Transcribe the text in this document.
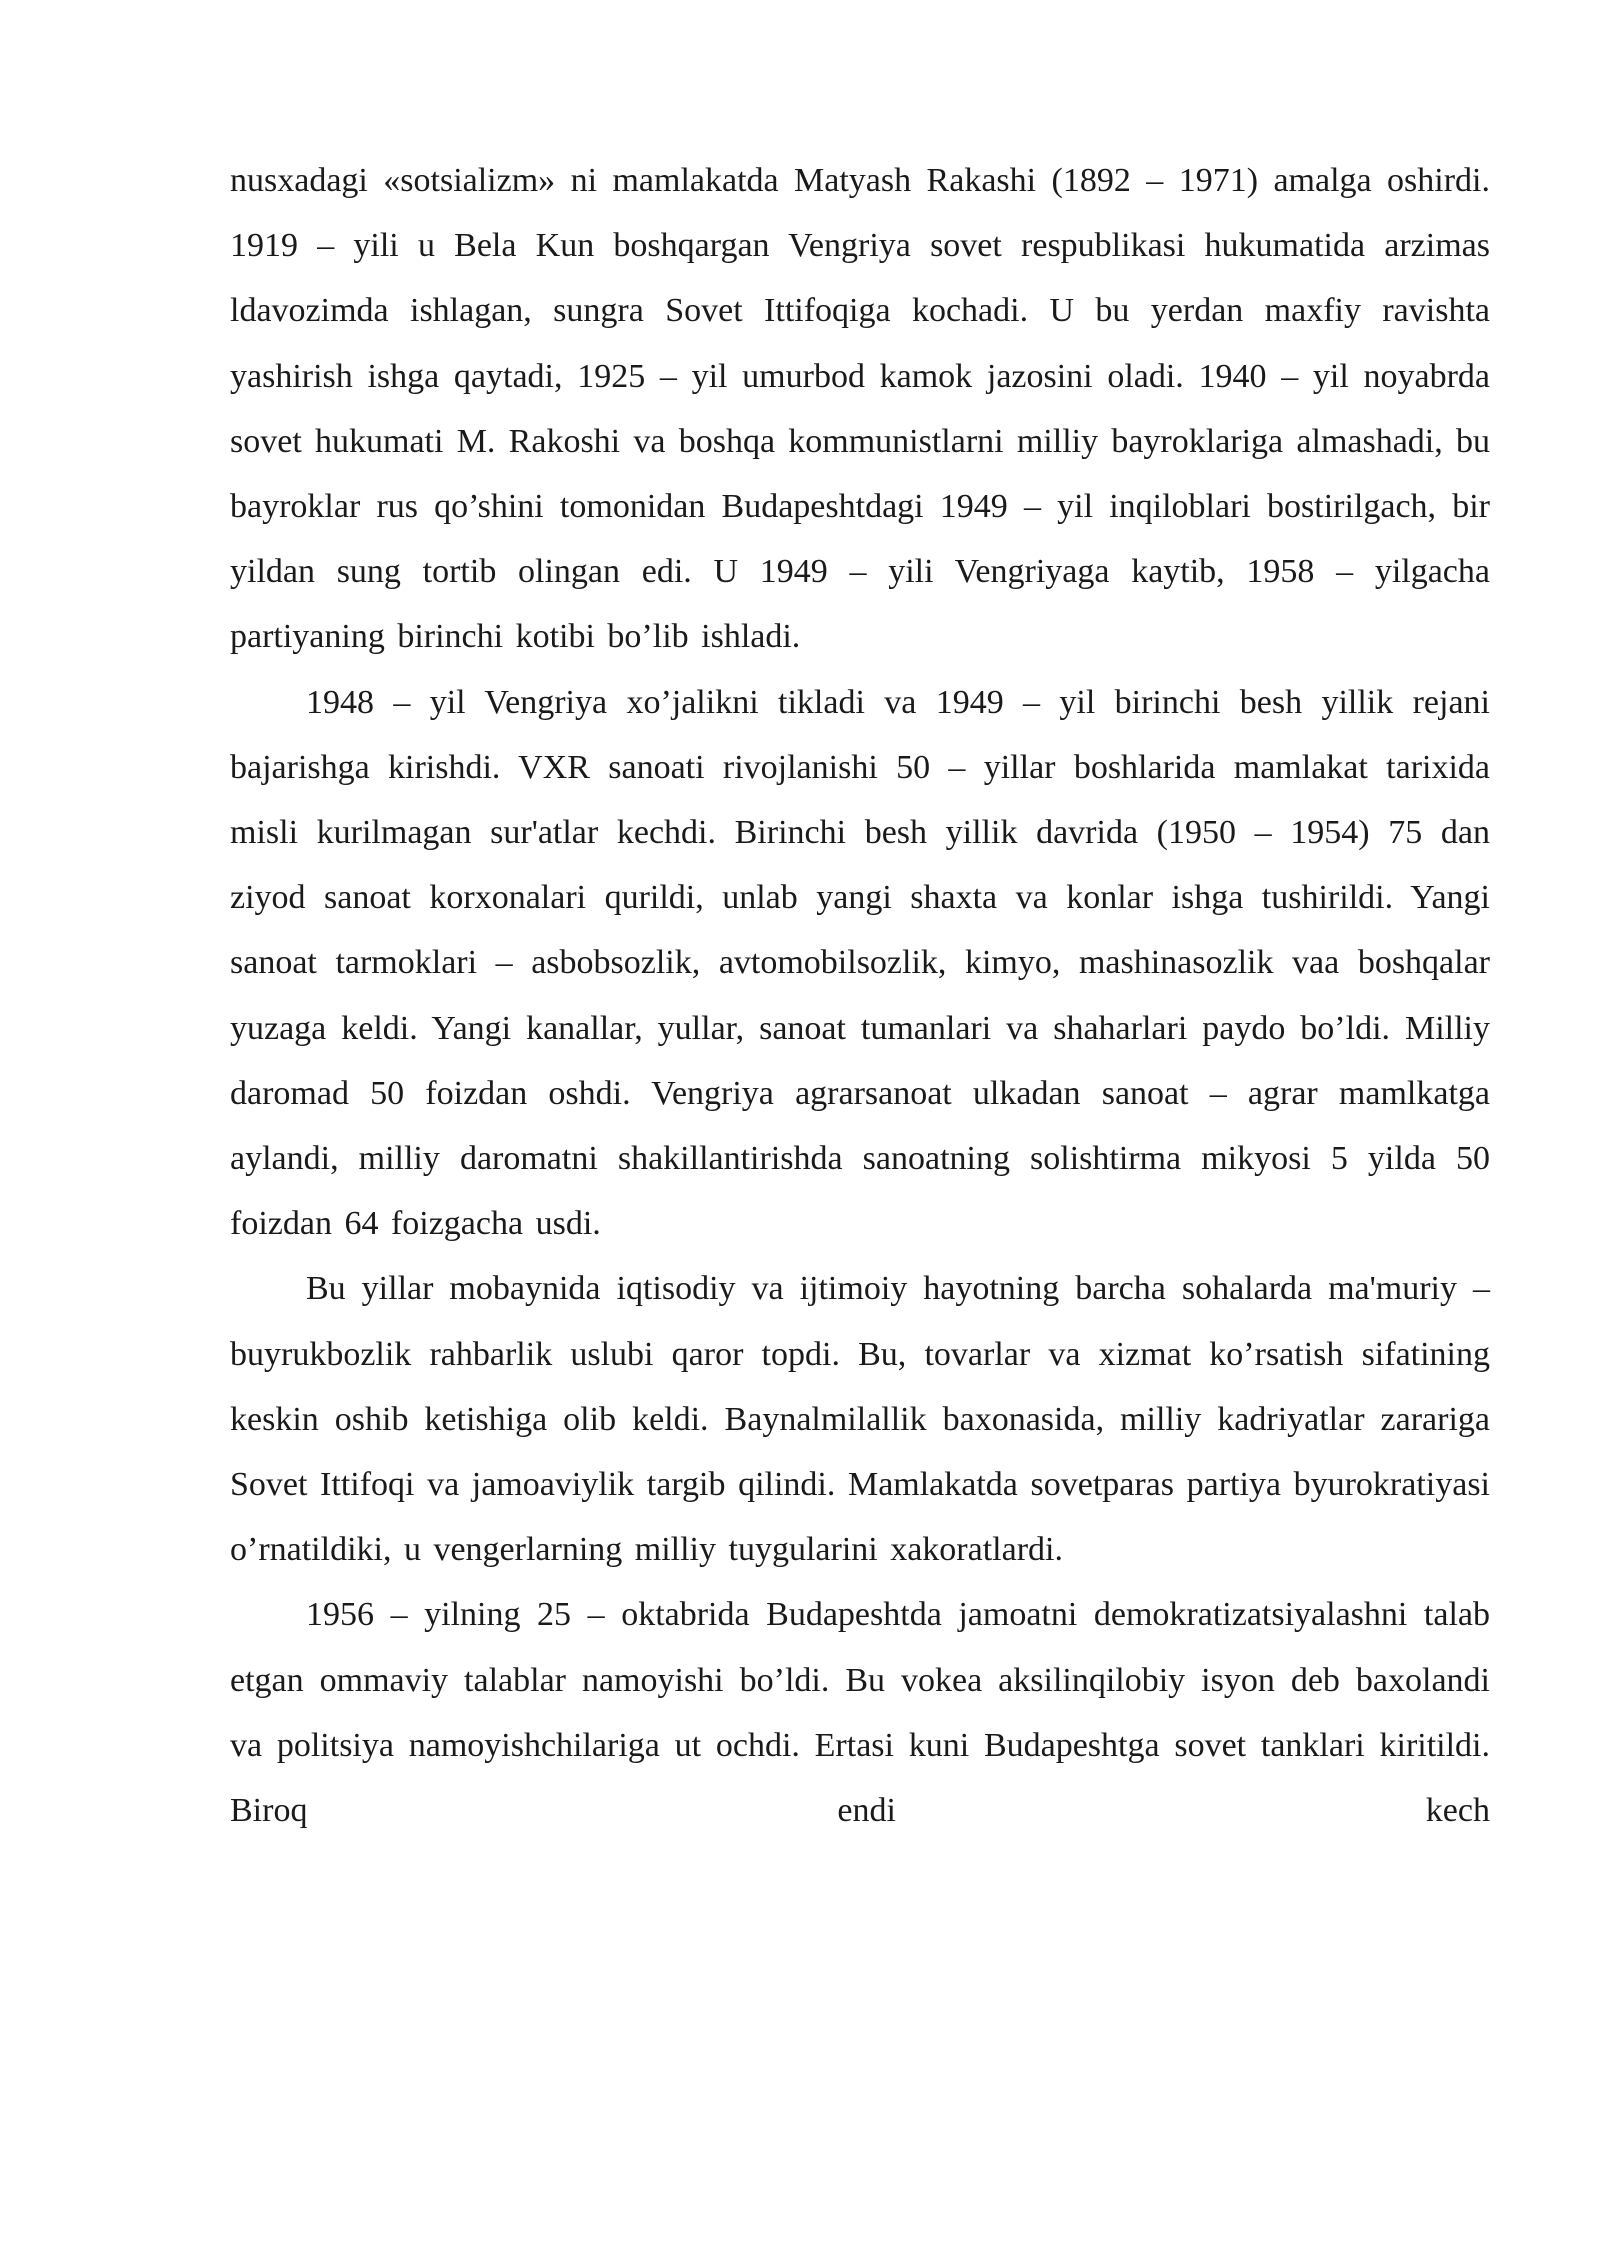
nusxadagi «sotsializm» ni mamlakatda Matyash Rakashi (1892 – 1971) amalga oshirdi. 1919 – yili u Bela Kun boshqargan Vengriya sovet respublikasi hukumatida arzimas ldavozimda ishlagan, sungra Sovet Ittifoqiga kochadi. U bu yerdan maxfiy ravishta yashirish ishga qaytadi, 1925 – yil umurbod kamok jazosini oladi. 1940 – yil noyabrda sovet hukumati M. Rakoshi va boshqa kommunistlarni milliy bayroklariga almashadi, bu bayroklar rus qo’shini tomonidan Budapeshtdagi 1949 – yil inqiloblari bostirilgach, bir yildan sung tortib olingan edi. U 1949 – yili Vengriyaga kaytib, 1958 – yilgacha partiyaning birinchi kotibi bo’lib ishladi.

1948 – yil Vengriya xo’jalikni tikladi va 1949 – yil birinchi besh yillik rejani bajarishga kirishdi. VXR sanoati rivojlanishi 50 – yillar boshlarida mamlakat tarixida misli kurilmagan sur'atlar kechdi. Birinchi besh yillik davrida (1950 – 1954) 75 dan ziyod sanoat korxonalari qurildi, unlab yangi shaxta va konlar ishga tushirildi. Yangi sanoat tarmoklari – asbobsozlik, avtomobilsozlik, kimyo, mashinasozlik vaa boshqalar yuzaga keldi. Yangi kanallar, yullar, sanoat tumanlari va shaharlari paydo bo’ldi. Milliy daromad 50 foizdan oshdi. Vengriya agrarsanoat ulkadan sanoat – agrar mamlkatga aylandi, milliy daromatni shakillantirishda sanoatning solishtirma mikyosi 5 yilda 50 foizdan 64 foizgacha usdi.

Bu yillar mobaynida iqtisodiy va ijtimoiy hayotning barcha sohalarda ma'muriy – buyrukbozlik rahbarlik uslubi qaror topdi. Bu, tovarlar va xizmat ko’rsatish sifatining keskin oshib ketishiga olib keldi. Baynalmilallik baxonasida, milliy kadriyatlar zarariga Sovet Ittifoqi va jamoaviylik targib qilindi. Mamlakatda sovetparas partiya byurokratiyasi o’rnatildiki, u vengerlarning milliy tuygularini xakoratlardi.

1956 – yilning 25 – oktabrida Budapeshtda jamoatni demokratizatsiyalashni talab etgan ommaviy talablar namoyishi bo’ldi. Bu vokea aksilinqilobiy isyon deb baxolandi va politsiya namoyishchilariga ut ochdi. Ertasi kuni Budapeshtga sovet tanklari kiritildi. Biroq endi kech
